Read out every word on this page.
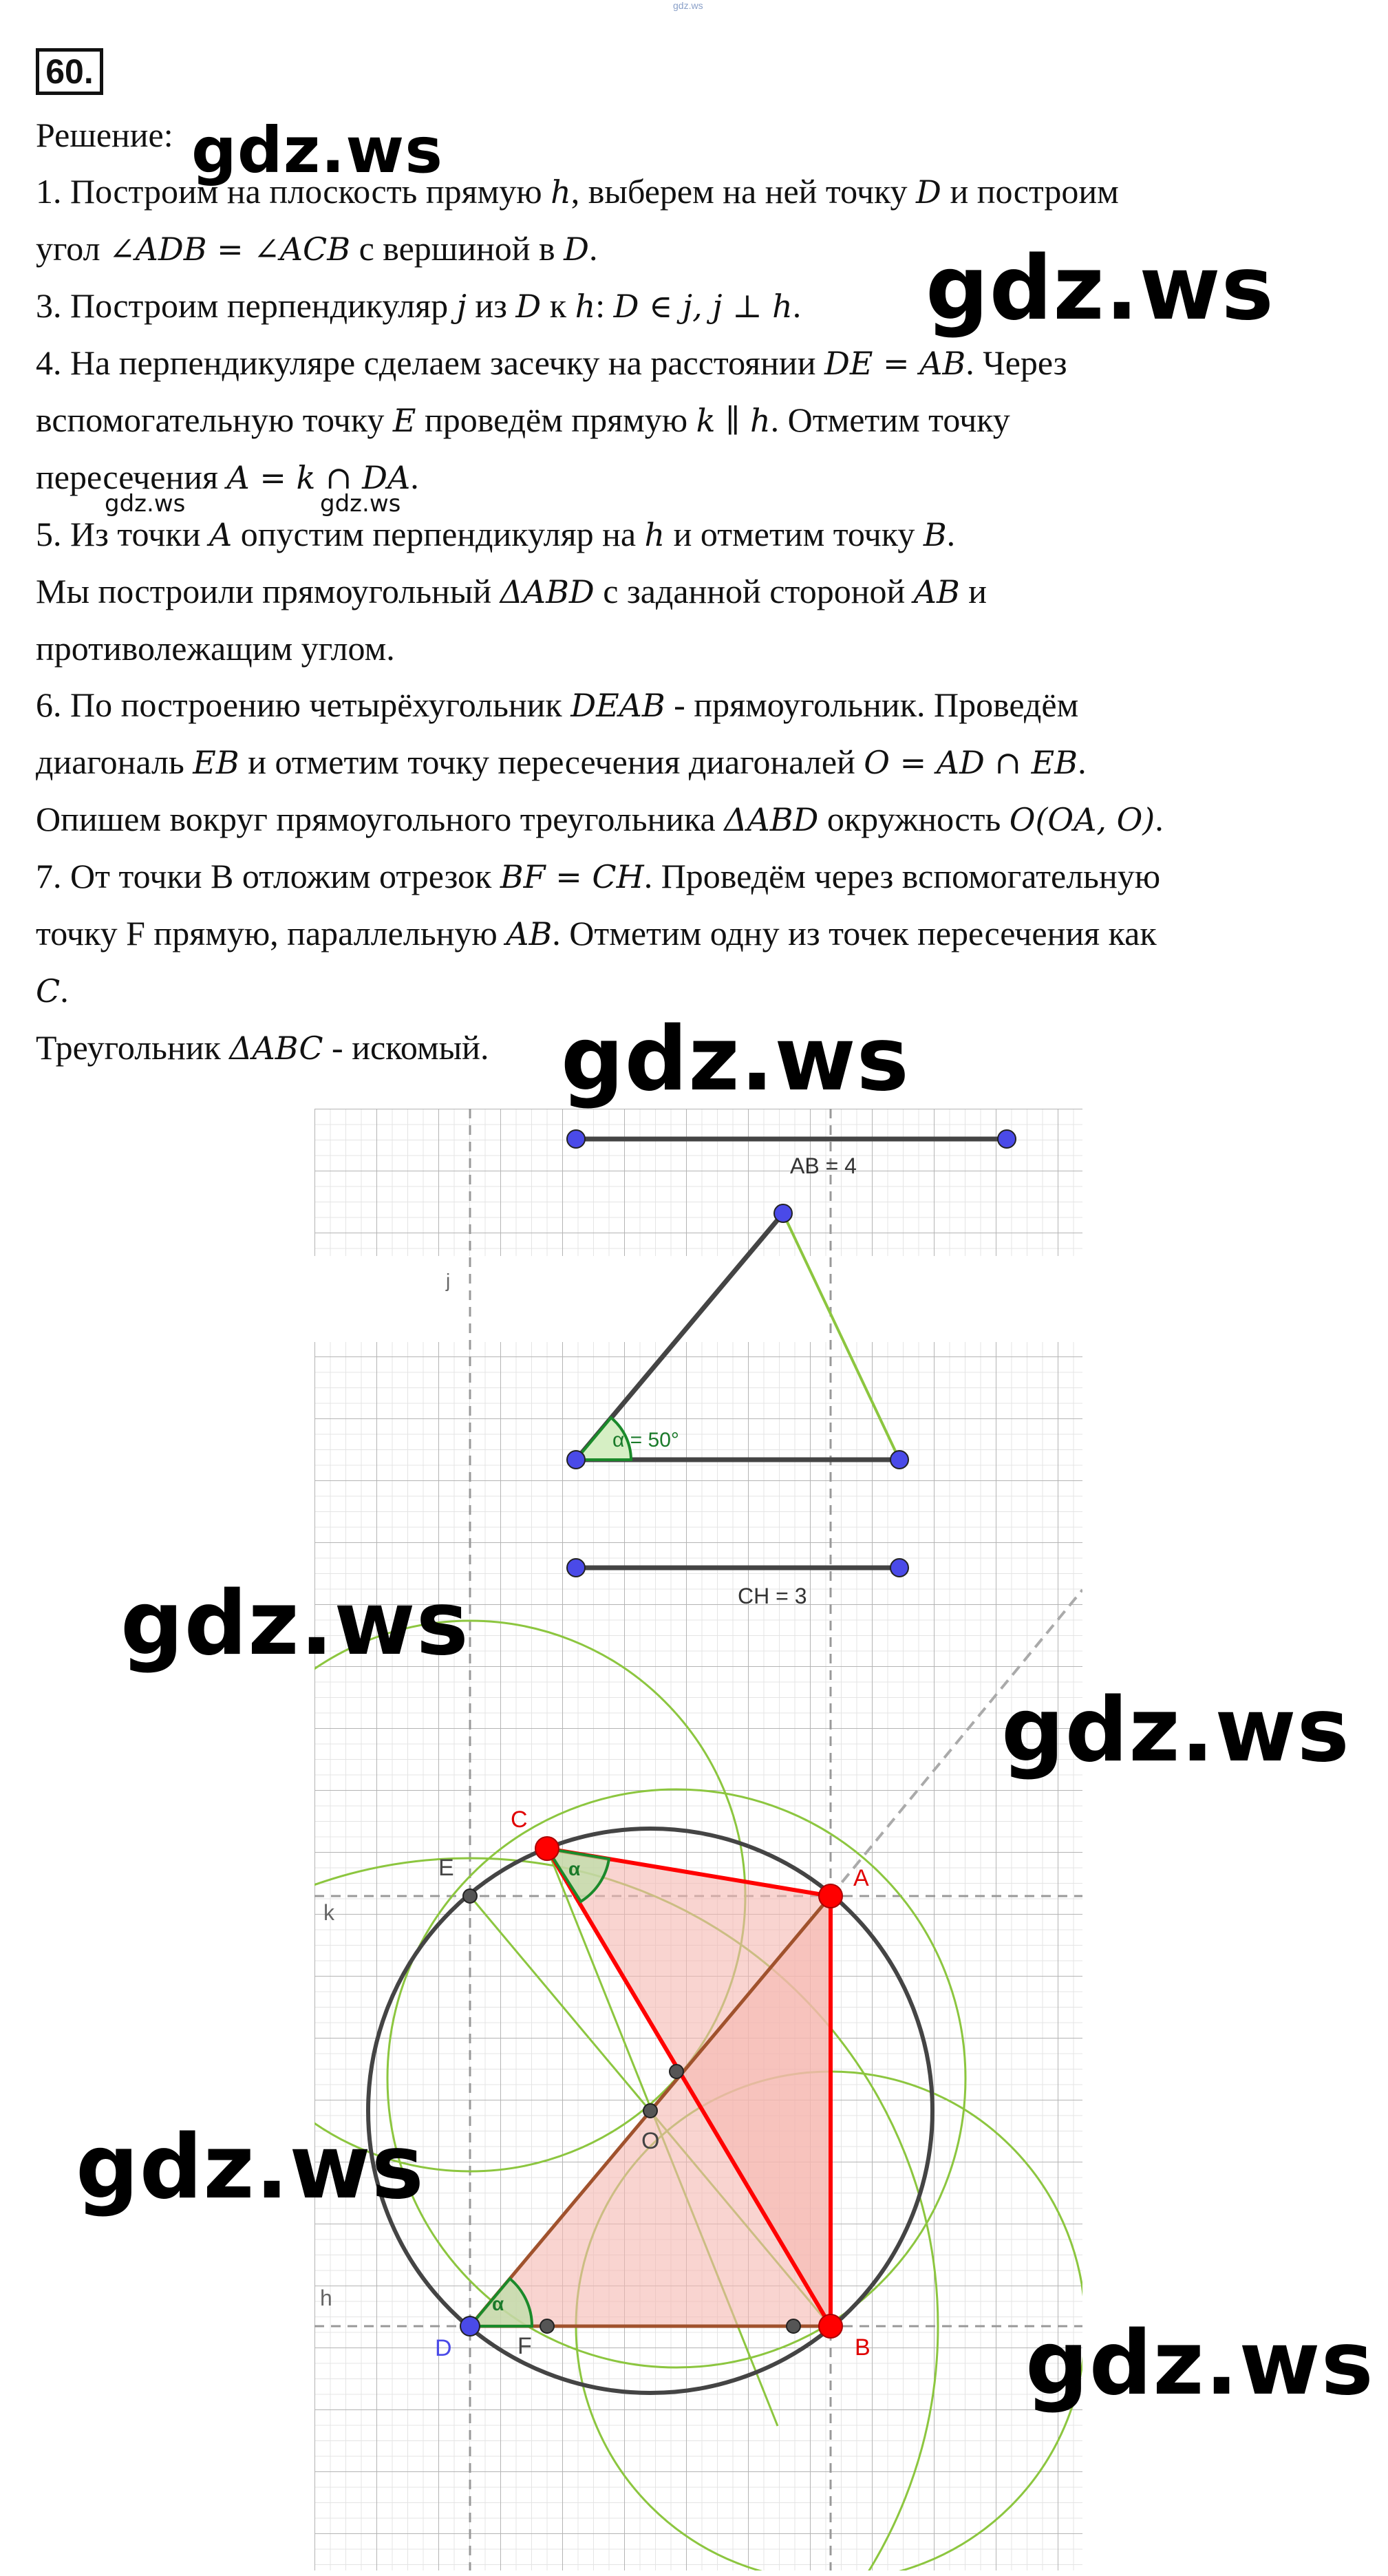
gdz.ws
60.

Решение:

1. Построим на плоскость прямую h, выберем на ней точку D и построим

угол ∠ADB = ∠ACB с вершиной в D.

3. Построим перпендикуляр j из D к h: D ∈ j, j ⊥ h.

4. На перпендикуляре сделаем засечку на расстоянии DE = AB. Через

вспомогательную точку E проведём прямую k ∥ h. Отметим точку

пересечения A = k ∩ DA.

5. Из точки A опустим перпендикуляр на h и отметим точку B.

Мы построили прямоугольный ΔABD с заданной стороной AB и

противолежащим углом.

6. По построению четырёхугольник DEAB - прямоугольник. Проведём

диагональ EB и отметим точку пересечения диагоналей O = AD ∩ EB.

Опишем вокруг прямоугольного треугольника ΔABD окружность O(OA, O).

7. От точки В отложим отрезок BF = CH. Проведём через вспомогательную

точку F прямую, параллельную AB. Отметим одну из точек пересечения как

C.

Треугольник ΔABC - искомый.

AB = 4
α = 50°
j
CH = 3
α
α
C
A
B
D
E
F
O
k
h
gdz.ws
gdz.ws
gdz.ws	gdz.ws
gdz.ws
gdz.ws
gdz.ws
gdz.ws
gdz.ws
